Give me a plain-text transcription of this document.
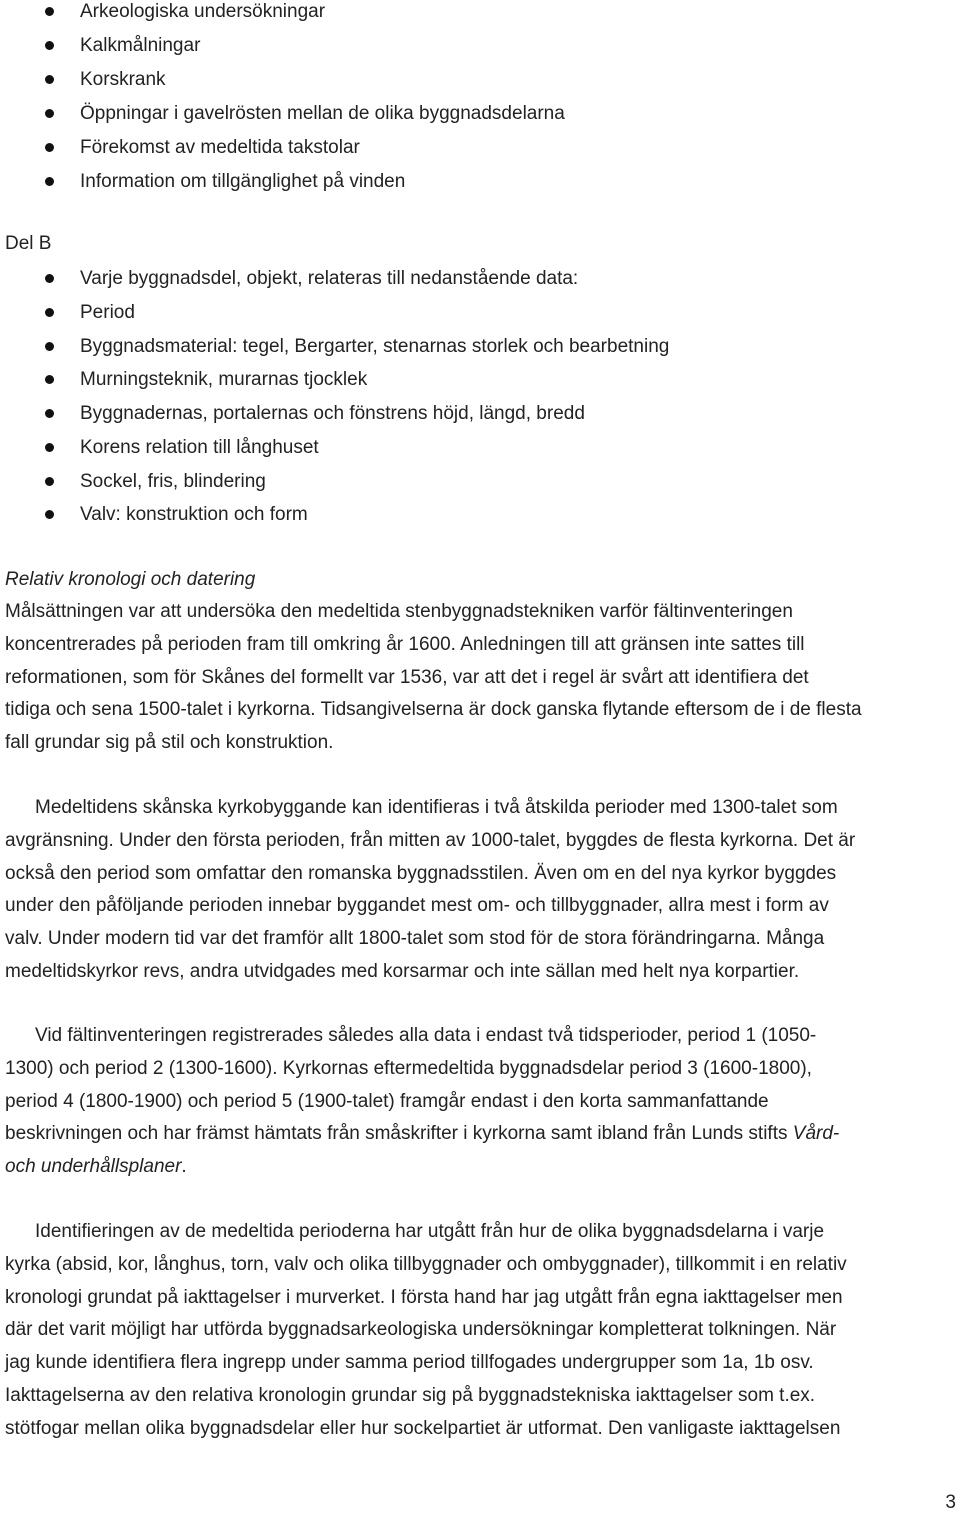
Arkeologiska undersökningar
Kalkmålningar
Korskrank
Öppningar i gavelrösten mellan de olika byggnadsdelarna
Förekomst av medeltida takstolar
Information om tillgänglighet på vinden
Del B
Varje byggnadsdel, objekt, relateras till nedanstående data:
Period
Byggnadsmaterial: tegel, Bergarter, stenarnas storlek och bearbetning
Murningsteknik, murarnas tjocklek
Byggnadernas, portalernas och fönstrens höjd, längd, bredd
Korens relation till långhuset
Sockel, fris, blindering
Valv: konstruktion och form
Relativ kronologi och datering

Målsättningen var att undersöka den medeltida stenbyggnadstekniken varför fältinventeringen
koncentrerades på perioden fram till omkring år 1600. Anledningen till att gränsen inte sattes till
reformationen, som för Skånes del formellt var 1536, var att det i regel är svårt att identifiera det
tidiga och sena 1500-talet i kyrkorna. Tidsangivelserna är dock ganska flytande eftersom de i de flesta
fall grundar sig på stil och konstruktion.

Medeltidens skånska kyrkobyggande kan identifieras i två åtskilda perioder med 1300-talet som
avgränsning. Under den första perioden, från mitten av 1000-talet, byggdes de flesta kyrkorna. Det är
också den period som omfattar den romanska byggnadsstilen. Även om en del nya kyrkor byggdes
under den påföljande perioden innebar byggandet mest om- och tillbyggnader, allra mest i form av
valv. Under modern tid var det framför allt 1800-talet som stod för de stora förändringarna. Många
medeltidskyrkor revs, andra utvidgades med korsarmar och inte sällan med helt nya korpartier.

Vid fältinventeringen registrerades således alla data i endast två tidsperioder, period 1 (1050-
1300) och period 2 (1300-1600). Kyrkornas eftermedeltida byggnadsdelar period 3 (1600-1800),
period 4 (1800-1900) och period 5 (1900-talet) framgår endast i den korta sammanfattande
beskrivningen och har främst hämtats från småskrifter i kyrkorna samt ibland från Lunds stifts Vård-
och underhållsplaner.

Identifieringen av de medeltida perioderna har utgått från hur de olika byggnadsdelarna i varje
kyrka (absid, kor, långhus, torn, valv och olika tillbyggnader och ombyggnader), tillkommit i en relativ
kronologi grundat på iakttagelser i murverket. I första hand har jag utgått från egna iakttagelser men
där det varit möjligt har utförda byggnadsarkeologiska undersökningar kompletterat tolkningen. När
jag kunde identifiera flera ingrepp under samma period tillfogades undergrupper som 1a, 1b osv.
Iakttagelserna av den relativa kronologin grundar sig på byggnadstekniska iakttagelser som t.ex.
stötfogar mellan olika byggnadsdelar eller hur sockelpartiet är utformat. Den vanligaste iakttagelsen

3
